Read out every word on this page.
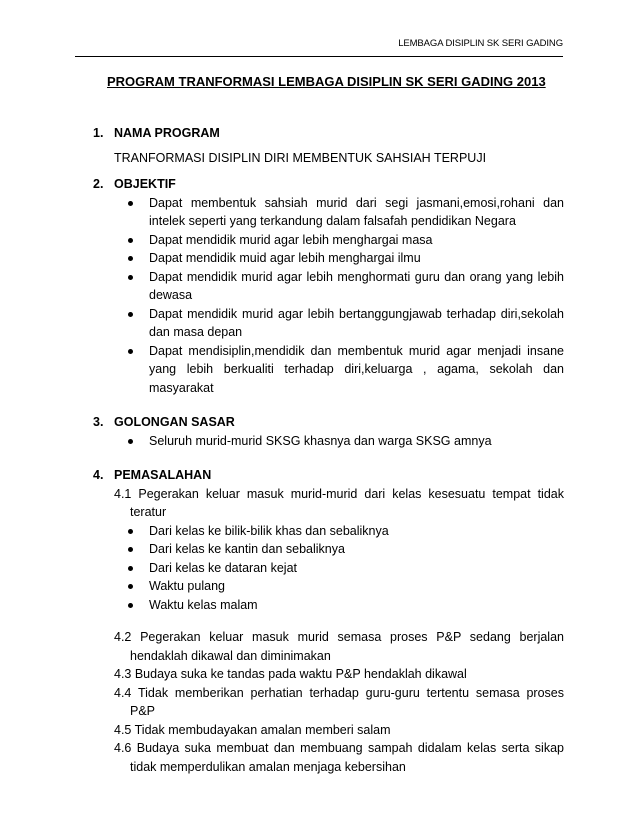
LEMBAGA DISIPLIN SK SERI GADING
PROGRAM TRANFORMASI LEMBAGA DISIPLIN SK SERI GADING 2013
1. NAMA PROGRAM
TRANFORMASI DISIPLIN DIRI MEMBENTUK SAHSIAH TERPUJI
2. OBJEKTIF
Dapat membentuk sahsiah murid dari segi jasmani,emosi,rohani dan intelek seperti yang terkandung dalam falsafah pendidikan Negara
Dapat mendidik murid agar lebih menghargai masa
Dapat mendidik muid agar lebih menghargai ilmu
Dapat mendidik murid agar lebih menghormati guru dan orang yang lebih dewasa
Dapat mendidik murid agar lebih bertanggungjawab terhadap diri,sekolah dan masa depan
Dapat mendisiplin,mendidik dan membentuk murid agar menjadi insane yang lebih berkualiti terhadap diri,keluarga , agama, sekolah dan masyarakat
3. GOLONGAN SASAR
Seluruh murid-murid SKSG khasnya dan warga SKSG amnya
4. PEMASALAHAN
4.1 Pegerakan keluar masuk murid-murid dari kelas kesesuatu tempat tidak teratur
Dari kelas ke bilik-bilik khas dan sebaliknya
Dari kelas ke kantin dan sebaliknya
Dari kelas ke dataran kejat
Waktu pulang
Waktu kelas malam
4.2 Pegerakan keluar masuk murid semasa proses P&P sedang berjalan hendaklah dikawal dan diminimakan
4.3 Budaya suka ke tandas pada waktu P&P hendaklah dikawal
4.4 Tidak memberikan perhatian terhadap guru-guru tertentu semasa proses P&P
4.5 Tidak membudayakan amalan memberi salam
4.6 Budaya suka membuat dan membuang sampah didalam kelas serta sikap tidak memperdulikan amalan menjaga kebersihan
